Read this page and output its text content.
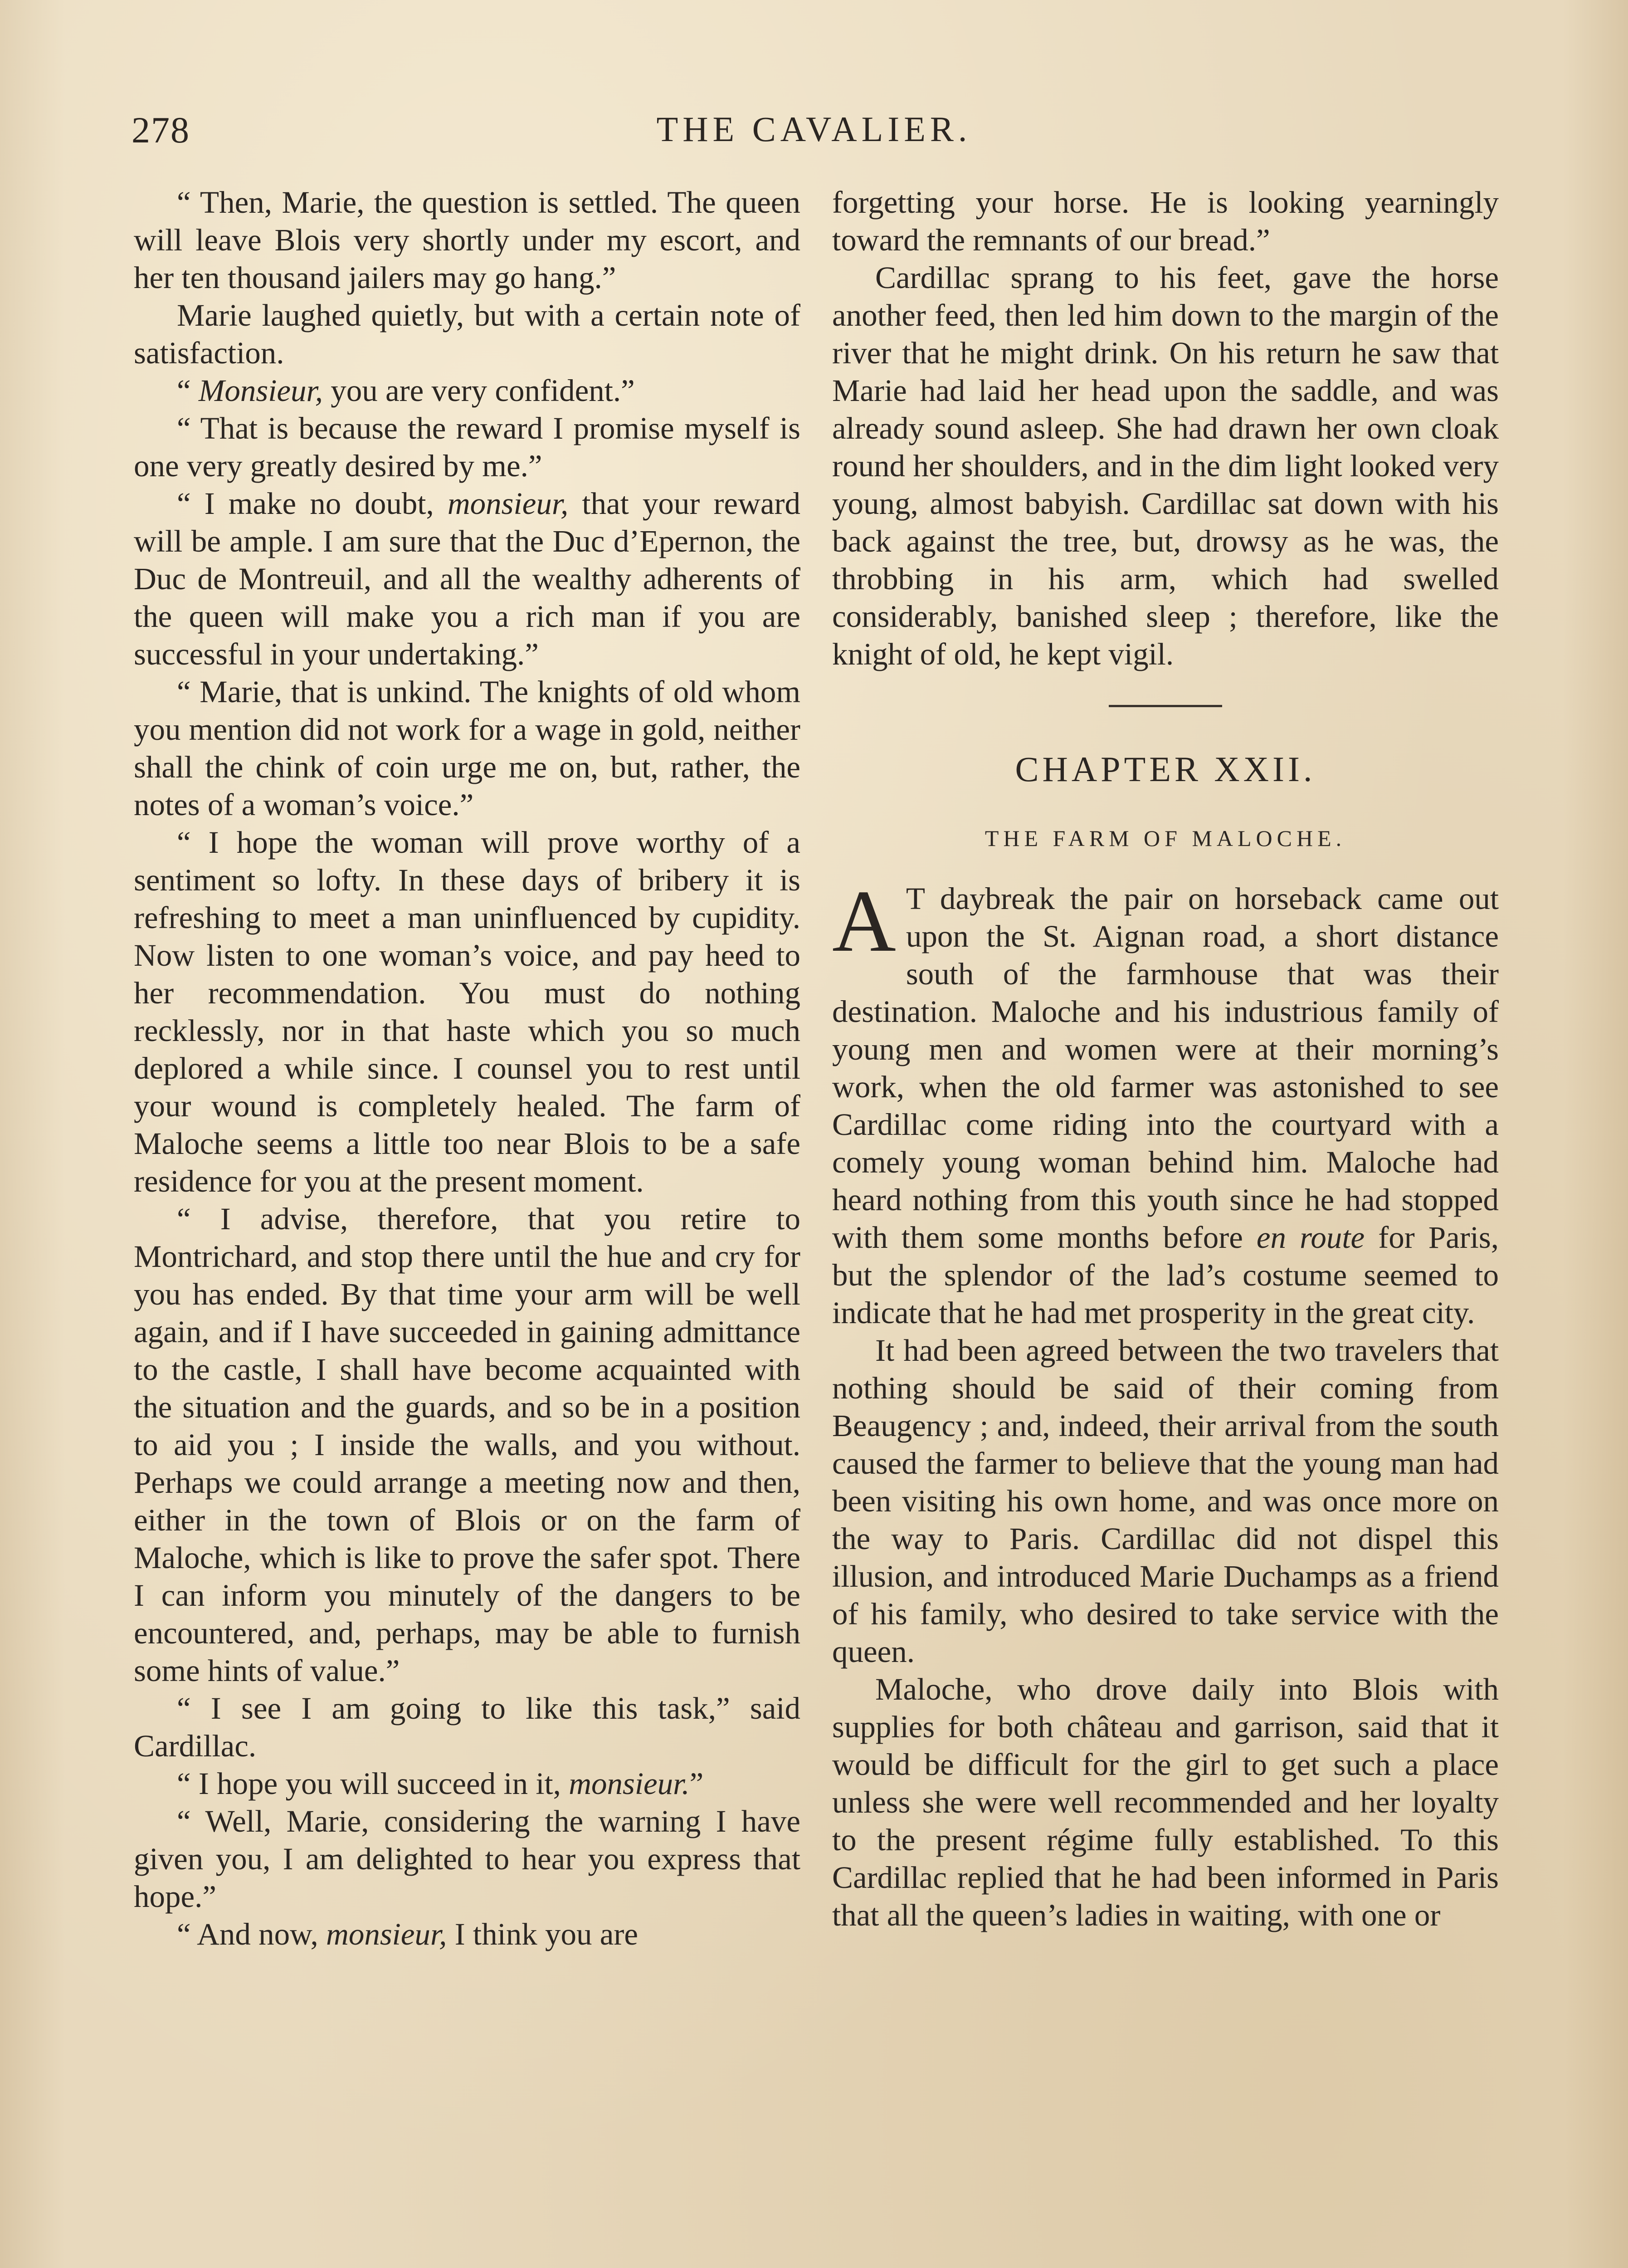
278	THE CAVALIER.

“ Then, Marie, the question is settled. The queen will leave Blois very shortly under my escort, and her ten thousand jailers may go hang.”

Marie laughed quietly, but with a certain note of satisfaction.

“ Monsieur, you are very confident.”

“ That is because the reward I promise myself is one very greatly desired by me.”

“ I make no doubt, monsieur, that your reward will be ample. I am sure that the Duc d’Epernon, the Duc de Montreuil, and all the wealthy adherents of the queen will make you a rich man if you are successful in your undertaking.”

“ Marie, that is unkind. The knights of old whom you mention did not work for a wage in gold, neither shall the chink of coin urge me on, but, rather, the notes of a woman’s voice.”

“ I hope the woman will prove worthy of a sentiment so lofty. In these days of bribery it is refreshing to meet a man uninfluenced by cupidity. Now listen to one woman’s voice, and pay heed to her recommendation. You must do nothing recklessly, nor in that haste which you so much deplored a while since. I counsel you to rest until your wound is completely healed. The farm of Maloche seems a little too near Blois to be a safe residence for you at the present moment.

“ I advise, therefore, that you retire to Montrichard, and stop there until the hue and cry for you has ended. By that time your arm will be well again, and if I have succeeded in gaining admittance to the castle, I shall have become acquainted with the situation and the guards, and so be in a position to aid you ; I inside the walls, and you without. Perhaps we could arrange a meeting now and then, either in the town of Blois or on the farm of Maloche, which is like to prove the safer spot. There I can inform you minutely of the dangers to be encountered, and, perhaps, may be able to furnish some hints of value.”

“ I see I am going to like this task,” said Cardillac.

“ I hope you will succeed in it, monsieur.”

“ Well, Marie, considering the warning I have given you, I am delighted to hear you express that hope.”

“ And now, monsieur, I think you are

forgetting your horse. He is looking yearningly toward the remnants of our bread.”

Cardillac sprang to his feet, gave the horse another feed, then led him down to the margin of the river that he might drink. On his return he saw that Marie had laid her head upon the saddle, and was already sound asleep. She had drawn her own cloak round her shoulders, and in the dim light looked very young, almost babyish. Cardillac sat down with his back against the tree, but, drowsy as he was, the throbbing in his arm, which had swelled considerably, banished sleep ; therefore, like the knight of old, he kept vigil.

CHAPTER XXII.
THE FARM OF MALOCHE.

A T daybreak the pair on horseback came out upon the St. Aignan road, a short distance south of the farmhouse that was their destination. Maloche and his industrious family of young men and women were at their morning’s work, when the old farmer was astonished to see Cardillac come riding into the courtyard with a comely young woman behind him. Maloche had heard nothing from this youth since he had stopped with them some months before en route for Paris, but the splendor of the lad’s costume seemed to indicate that he had met prosperity in the great city.

It had been agreed between the two travelers that nothing should be said of their coming from Beaugency ; and, indeed, their arrival from the south caused the farmer to believe that the young man had been visiting his own home, and was once more on the way to Paris. Cardillac did not dispel this illusion, and introduced Marie Duchamps as a friend of his family, who desired to take service with the queen.

Maloche, who drove daily into Blois with supplies for both château and garrison, said that it would be difficult for the girl to get such a place unless she were well recommended and her loyalty to the present régime fully established. To this Cardillac replied that he had been informed in Paris that all the queen’s ladies in waiting, with one or
